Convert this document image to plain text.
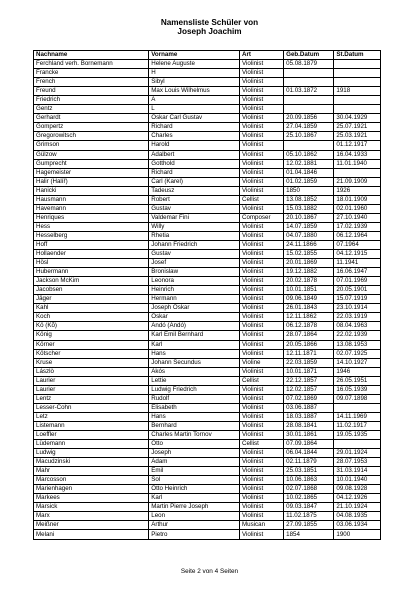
Namensliste Schüler von
Joseph Joachim
Nachname	Vorname	Art	Geb.Datum	St.Datum
Ferchland verh. Bornemann	Helene Auguste	Violinist	05.08.1879	
Francke	H	Violinist		
French	Sibyl	Violinist		
Freund	Max Louis Wilhelmus	Violinist	01.03.1872	1918
Friedrich	A	Violinist		
Gentz	L	Violinist		
Gerhardt	Oskar Carl Gustav	Violinist	20.09.1856	30.04.1929
Gompertz	Richard	Violinist	27.04.1859	25.07.1921
Gregorowitsch	Charles	Violinist	25.10.1867	25.03.1921
Grimson	Harold	Violinist		01.12.1917
Gülzow	Adalbert	Violinist	05.10.1862	16.04.1933
Gumprecht	Gotthold	Violinist	12.02.1881	11.01.1940
Hagemeister	Richard	Violinist	01.04.1846	
Halir (Halíř)	Carl (Karel)	Violinist	01.02.1859	21.09.1909
Hanicki	Tadeusz	Violinist	1850	1926
Hausmann	Robert	Cellist	13.08.1852	18.01.1909
Havemann	Gustav	Violinist	15.03.1882	02.01.1960
Henriques	Valdemar Fini	Composer	20.10.1867	27.10.1940
Hess	Willy	Violinist	14.07.1859	17.02.1939
Hesselberg	Rhetia	Violinist	04.07.1880	06.12.1964
Hoff	Johann Friedrich	Violinist	24.11.1866	07.1964
Hollaender	Gustav	Violinist	15.02.1855	04.12.1915
Hösl	Josef	Violinist	20.01.1869	11.1941
Hubermann	Bronislaw	Violinist	19.12.1882	16.06.1947
Jackson McKim	Leonora	Violinist	20.02.1878	07.01.1969
Jacobsen	Heinrich	Violinist	10.01.1851	20.05.1901
Jäger	Hermann	Violinist	09.06.1849	15.07.1919
Kahl	Joseph Oskar	Violinist	26.01.1843	23.10.1914
Koch	Oskar	Violinist	12.11.1862	22.03.1919
Kö (Kõ)	Andó (Andó)	Violinist	06.12.1878	08.04.1963
König	Karl Emil Bernhard	Violinist	28.07.1864	22.02.1939
Körner	Karl	Violinist	20.05.1866	13.08.1953
Kötscher	Hans	Violinist	12.11.1871	02.07.1925
Kruse	Johann Secundus	Violine	22.03.1859	14.10.1927
Lászlò	Akós	Violinist	10.01.1871	1946
Laurier	Lettie	Cellist	22.12.1857	26.05.1951
Laurier	Ludwig Friedrich	Violinist	12.02.1857	16.05.1939
Lentz	Rudolf	Violinist	07.02.1869	09.07.1898
Lesser-Cohn	Elisabeth	Violinist	03.06.1887	
Letz	Hans	Violinist	18.03.1887	14.11.1969
Listemann	Bernhard	Violinist	28.08.1841	11.02.1917
Loeffler	Charles Martin Tornov	Violinist	30.01.1861	19.05.1935
Lüdemann	Otto	Cellist	07.09.1864	
Ludwig	Joseph	Violinist	06.04.1844	29.01.1924
Macudzinski	Adam	Violinist	02.11.1879	28.07.1953
Mahr	Emil	Violinist	25.03.1851	31.03.1914
Marcosson	Sol	Violinist	10.06.1863	10.01.1940
Marienhagen	Otto Heinrich	Violinist	02.07.1868	09.08.1928
Markees	Karl	Violinist	10.02.1865	04.12.1926
Marsick	Martin Pierre Joseph	Violinist	09.03.1847	21.10.1924
Marx	Leon	Violinist	11.02.1875	04.08.1935
Meißner	Arthur	Musican	27.09.1855	03.06.1934
Melani	Pietro	Violinist	1854	1900
Seite 2 von 4 Seiten
